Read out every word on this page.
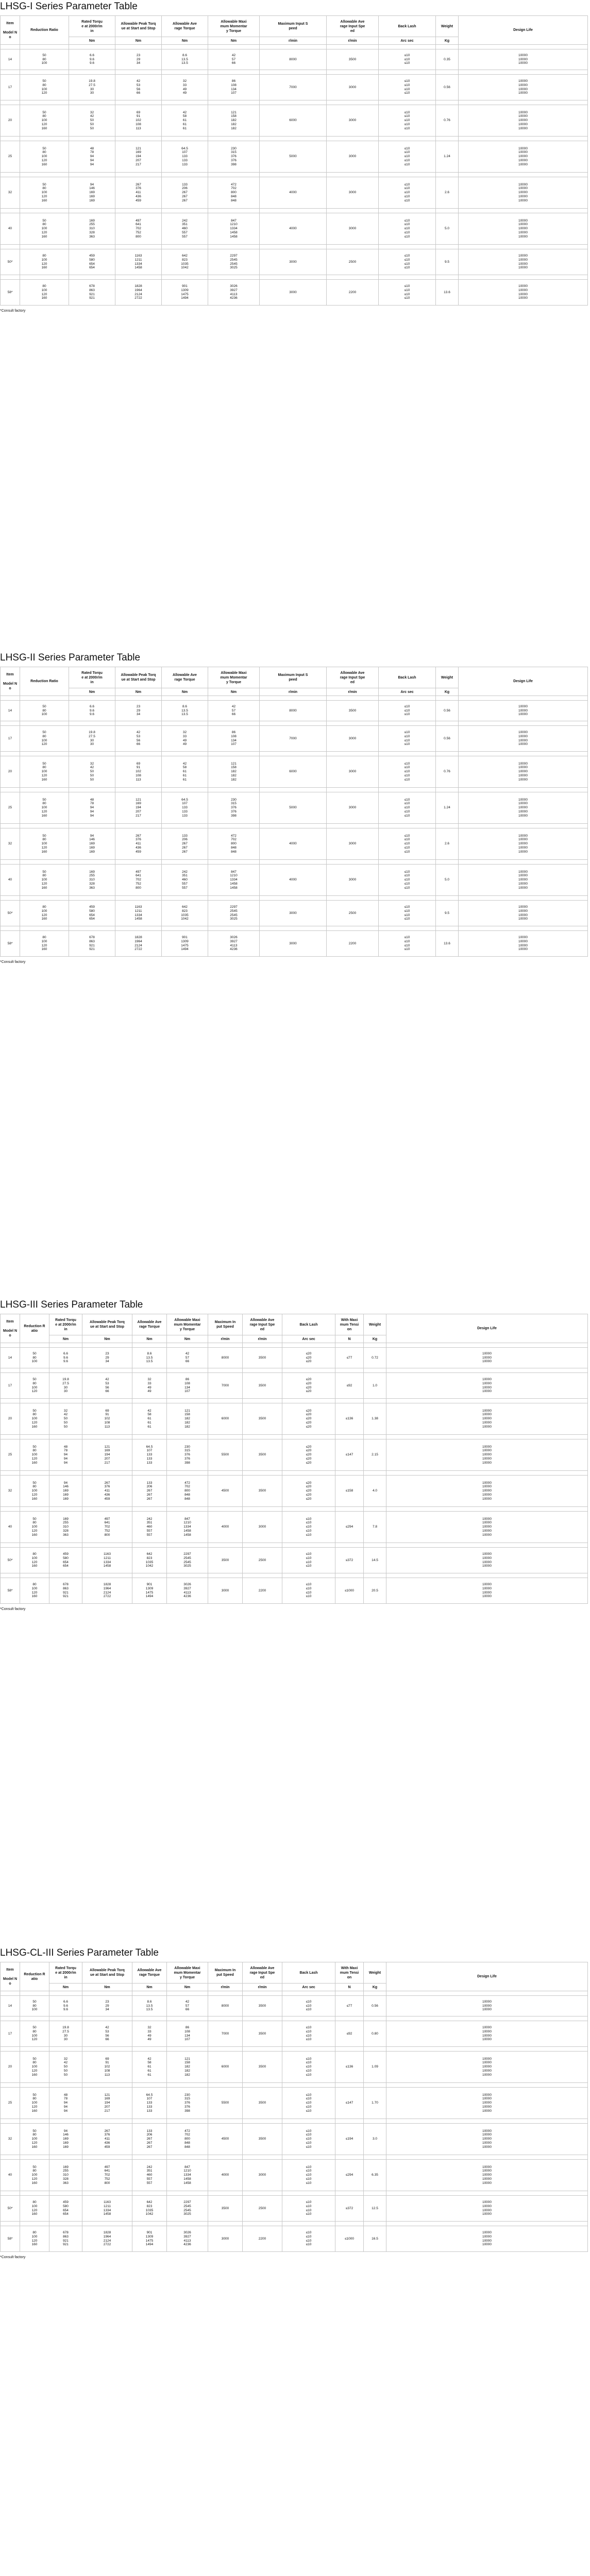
LHSG-I Series Parameter Table
Item

Model N
o	Reduction Ratio	Rated Torqu
e at 2000r/m
in	Allowable Peak Torq
ue at Start and Stop	Allowable Ave
rage Torque	Allowable Maxi
mum Momentar
y Torque	Maximum Input S
peed	Allowable Ave
rage Input Spe
ed	Back Lash	Weight	Design Life
		Nm	Nm	Nm	Nm	r/min	r/min	Arc sec	Kg	

14	50
80
100	6.6
9.6
9.6	23
29
34	8.6
13.5
13.5	42
57
66	8000	3500	≤10
≤10
≤10	0.35	10000
10000
10000

17	50
80
100
120	19.8
27.5
30
30	42
53
56
66	32
33
49
49	86
108
134
107	7000	3000	≤10
≤10
≤10
≤10	0.56	10000
10000
10000
10000

20	50
80
100
120
160	32
42
50
50
50	69
91
102
108
113	42
58
61
61
61	121
158
182
182
182	6000	3000	≤10
≤10
≤10
≤10
≤10	0.76	10000
10000
10000
10000
10000

25	50
80
100
120
160	48
78
94
94
94	121
169
194
207
217	64.5
107
133
133
133	230
315
376
376
398	5000	3000	≤10
≤10
≤10
≤10
≤10	1.24	10000
10000
10000
10000
10000

32	50
80
100
120
160	94
146
169
169
169	267
376
411
436
459	133
206
267
267
267	472
702
800
848
848	4000	3000	≤10
≤10
≤10
≤10
≤10	2.6	10000
10000
10000
10000
10000

40	50
80
100
120
160	169
255
310
328
363	497
641
702
752
800	242
351
460
557
557	847
1210
1334
1458
1458	4000	3000	≤10
≤10
≤10
≤10
≤10	5.0	10000
10000
10000
10000
10000

50*	80
100
120
160	459
580
654
654	1163
1211
1334
1458	642
823
1035
1042	2297
2545
2545
3025	3000	2500	≤10
≤10
≤10
≤10	9.5	10000
10000
10000
10000

58*	80
100
120
160	678
863
921
921	1828
1964
2124
2722	901
1309
1475
1494	3026
3927
4113
4236	3000	2200	≤10
≤10
≤10
≤10	13.6	10000
10000
10000
10000
*Consult factory
LHSG-II Series Parameter Table
Item

Model N
o	Reduction Ratio	Rated Torqu
e at 2000r/m
in	Allowable Peak Torq
ue at Start and Stop	Allowable Ave
rage Torque	Allowable Maxi
mum Momentar
y Torque	Maximum Input S
peed	Allowable Ave
rage Input Spe
ed	Back Lash	Weight	Design Life
		Nm	Nm	Nm	Nm	r/min	r/min	Arc sec	Kg	

14	50
80
100	6.6
9.6
9.6	23
29
34	8.6
13.5
13.5	42
57
66	8000	3500	≤10
≤10
≤10	0.56	10000
10000
10000

17	50
80
100
120	19.8
27.5
30
30	42
53
56
66	32
33
49
49	86
108
134
107	7000	3000	≤10
≤10
≤10
≤10	0.56	10000
10000
10000
10000

20	50
80
100
120
160	32
42
50
50
50	69
91
102
108
113	42
58
61
61
61	121
158
182
182
182	6000	3000	≤10
≤10
≤10
≤10
≤10	0.76	10000
10000
10000
10000
10000

25	50
80
100
120
160	48
78
94
94
94	121
169
194
207
217	64.5
107
133
133
133	230
315
376
376
398	5000	3000	≤10
≤10
≤10
≤10
≤10	1.24	10000
10000
10000
10000
10000

32	50
80
100
120
160	94
146
169
169
169	267
376
411
436
459	133
206
267
267
267	472
702
800
848
848	4000	3000	≤10
≤10
≤10
≤10
≤10	2.6	10000
10000
10000
10000
10000

40	50
80
100
120
160	169
255
310
328
363	497
641
702
752
800	242
351
460
557
557	847
1210
1334
1458
1458	4000	3000	≤10
≤10
≤10
≤10
≤10	5.0	10000
10000
10000
10000
10000

50*	80
100
120
160	459
580
654
654	1163
1211
1334
1458	642
823
1035
1042	2297
2545
2545
3025	3000	2500	≤10
≤10
≤10
≤10	9.5	10000
10000
10000
10000

58*	80
100
120
160	678
863
921
921	1828
1964
2124
2722	901
1309
1475
1494	3026
3927
4113
4236	3000	2200	≤10
≤10
≤10
≤10	13.6	10000
10000
10000
10000
*Consult factory
LHSG-III Series Parameter Table
Item

Model N
o	Reduction R
atio	Rated Torqu
e at 2000r/m
in	Allowable Peak Torq
ue at Start and Stop	Allowable Ave
rage Torque	Allowable Maxi
mum Momentar
y Torque	Maximum In
put Speed	Allowable Ave
rage Input Spe
ed	Back Lash	With Maxi
mum Tensi
on	Weight	Design Life
		Nm	Nm	Nm	Nm	r/min	r/min	Arc sec	N	Kg	

14	50
80
100	6.6
9.6
9.6	23
29
34	8.6
13.5
13.5	42
57
66	8000	3500	≤20
≤20
≤20	≤77	0.72	10000
10000
10000

17	50
80
100
120	19.8
27.5
30
30	42
53
56
66	32
33
49
49	86
108
134
107	7000	3500	≤20
≤20
≤20
≤20	≤92	1.0	10000
10000
10000
10000

20	50
80
100
120
160	32
42
50
50
50	69
91
102
108
113	42
58
61
61
61	121
158
182
182
182	6000	3500	≤20
≤20
≤20
≤20
≤20	≤136	1.38	10000
10000
10000
10000
10000

25	50
80
100
120
160	48
78
94
94
94	121
169
194
207
217	64.5
107
133
133
133	230
315
376
376
398	5500	3500	≤20
≤20
≤20
≤20
≤20	≤147	2.15	10000
10000
10000
10000
10000

32	50
80
100
120
160	94
146
169
169
169	267
376
411
436
459	133
206
267
267
267	472
702
800
848
848	4500	3500	≤20
≤20
≤20
≤20
≤20	≤158	4.0	10000
10000
10000
10000
10000

40	50
80
100
120
160	169
255
310
328
363	497
641
702
752
800	242
351
460
557
557	847
1210
1334
1458
1458	4000	3000	≤10
≤10
≤10
≤10
≤10	≤294	7.8	10000
10000
10000
10000
10000

50*	80
100
120
160	459
580
654
654	1163
1211
1334
1458	642
823
1035
1042	2297
2545
2545
3025	3500	2500	≤10
≤10
≤10
≤10	≤372	14.5	10000
10000
10000
10000

58*	80
100
120
160	678
863
921
921	1828
1964
2124
2722	901
1309
1475
1494	3026
3927
4113
4236	3000	2200	≤10
≤10
≤10
≤10	≤1000	20.5	10000
10000
10000
10000
*Consult factory
LHSG-CL-III Series Parameter Table
Item

Model N
o	Reduction R
atio	Rated Torqu
e at 2000r/m
in	Allowable Peak Torq
ue at Start and Stop	Allowable Ave
rage Torque	Allowable Maxi
mum Momentar
y Torque	Maximum In
put Speed	Allowable Ave
rage Input Spe
ed	Back Lash	With Maxi
mum Tensi
on	Weight	Design Life
		Nm	Nm	Nm	Nm	r/min	r/min	Arc sec	N	Kg	

14	50
80
100	6.6
9.6
9.6	23
29
34	8.6
13.5
13.5	42
57
66	8000	3500	≤10
≤10
≤10	≤77	0.56	10000
10000
10000

17	50
80
100
120	19.8
27.5
30
30	42
53
56
66	32
33
49
49	86
108
134
107	7000	3500	≤10
≤10
≤10
≤10	≤92	0.80	10000
10000
10000
10000

20	50
80
100
120
160	32
42
50
50
50	69
91
102
108
113	42
58
61
61
61	121
158
182
182
182	6000	3500	≤10
≤10
≤10
≤10
≤10	≤136	1.09	10000
10000
10000
10000
10000

25	50
80
100
120
160	48
78
94
94
94	121
169
194
207
217	64.5
107
133
133
133	230
315
376
376
398	5500	3500	≤10
≤10
≤10
≤10
≤10	≤147	1.70	10000
10000
10000
10000
10000

32	50
80
100
120
160	94
146
169
169
169	267
376
411
436
459	133
206
267
267
267	472
702
800
848
848	4500	3500	≤10
≤10
≤10
≤10
≤10	≤194	3.0	10000
10000
10000
10000
10000

40	50
80
100
120
160	169
255
310
328
363	497
641
702
752
800	242
351
460
557
557	847
1210
1334
1458
1458	4000	3000	≤10
≤10
≤10
≤10
≤10	≤294	6.35	10000
10000
10000
10000
10000

50*	80
100
120
160	459
580
654
654	1163
1211
1334
1458	642
823
1035
1042	2297
2545
2545
3025	3500	2500	≤10
≤10
≤10
≤10	≤372	12.5	10000
10000
10000
10000

58*	80
100
120
160	678
863
921
921	1828
1964
2124
2722	901
1309
1475
1494	3026
3927
4113
4236	3000	2200	≤10
≤10
≤10
≤10	≤1000	16.5	10000
10000
10000
10000
*Consult factory
